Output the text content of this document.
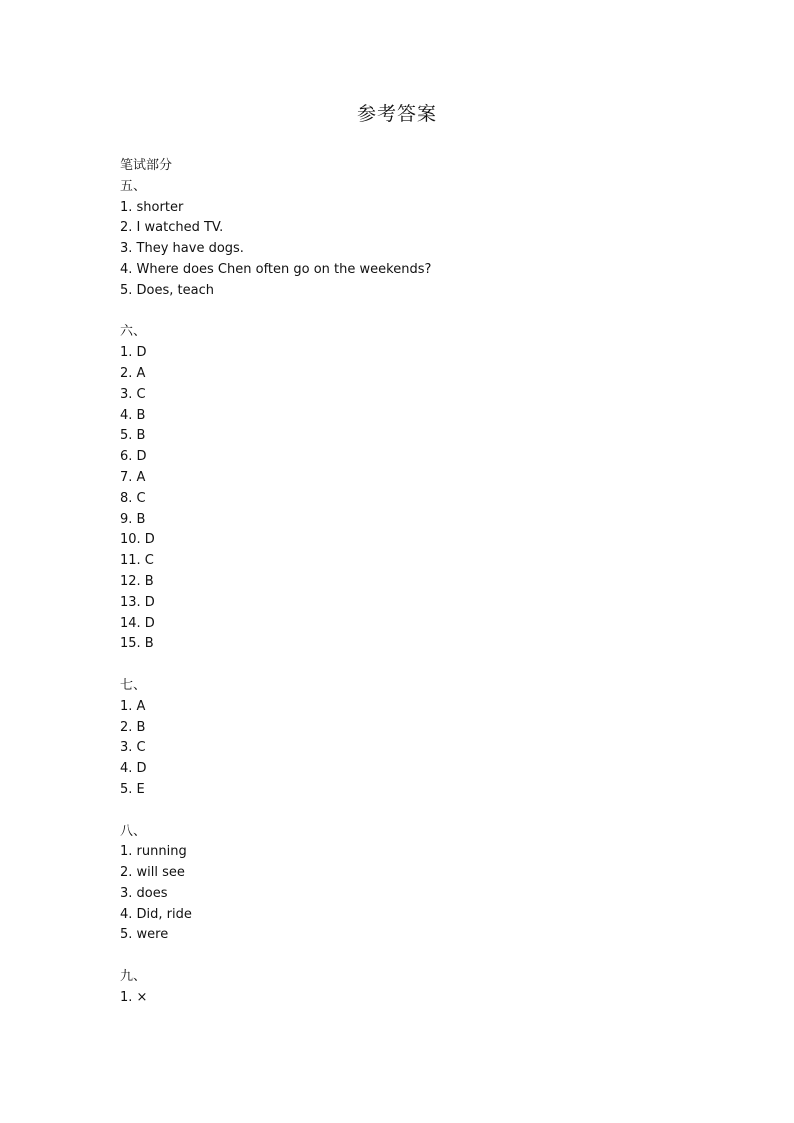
参考答案
笔试部分
五、
1. shorter
2. I watched TV.
3. They have dogs.
4. Where does Chen often go on the weekends?
5. Does, teach
六、
1. D
2. A
3. C
4. B
5. B
6. D
7. A
8. C
9. B
10. D
11. C
12. B
13. D
14. D
15. B
七、
1. A
2. B
3. C
4. D
5. E
八、
1. running
2. will see
3. does
4. Did, ride
5. were
九、
1. ×
